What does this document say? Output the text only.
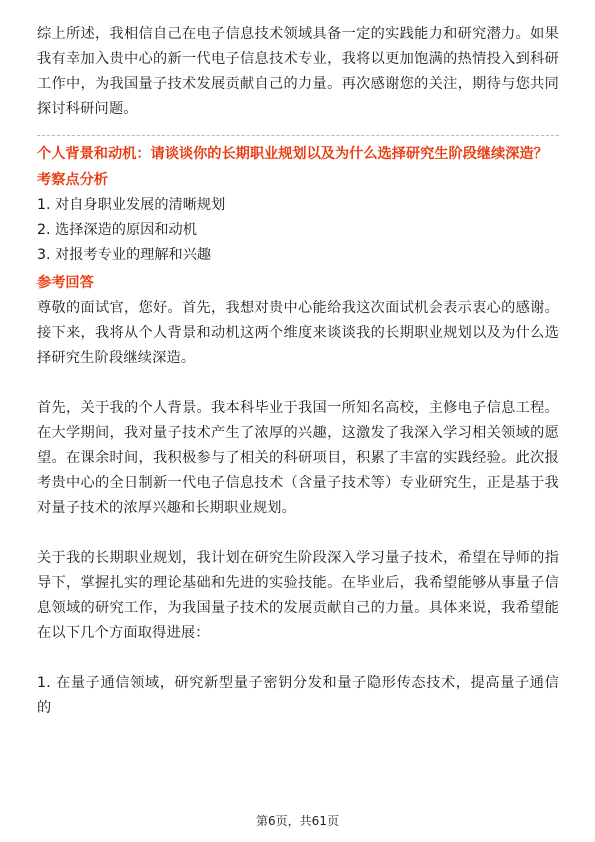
综上所述，我相信自己在电子信息技术领域具备一定的实践能力和研究潜力。如果我有幸加入贵中心的新一代电子信息技术专业，我将以更加饱满的热情投入到科研工作中，为我国量子技术发展贡献自己的力量。再次感谢您的关注，期待与您共同探讨科研问题。

个人背景和动机：请谈谈你的长期职业规划以及为什么选择研究生阶段继续深造？

考察点分析

1. 对自身职业发展的清晰规划

2. 选择深造的原因和动机

3. 对报考专业的理解和兴趣

参考回答

尊敬的面试官，您好。首先，我想对贵中心能给我这次面试机会表示衷心的感谢。接下来，我将从个人背景和动机这两个维度来谈谈我的长期职业规划以及为什么选择研究生阶段继续深造。

首先，关于我的个人背景。我本科毕业于我国一所知名高校，主修电子信息工程。在大学期间，我对量子技术产生了浓厚的兴趣，这激发了我深入学习相关领域的愿望。在课余时间，我积极参与了相关的科研项目，积累了丰富的实践经验。此次报考贵中心的全日制新一代电子信息技术（含量子技术等）专业研究生，正是基于我对量子技术的浓厚兴趣和长期职业规划。

关于我的长期职业规划，我计划在研究生阶段深入学习量子技术，希望在导师的指导下，掌握扎实的理论基础和先进的实验技能。在毕业后，我希望能够从事量子信息领域的研究工作，为我国量子技术的发展贡献自己的力量。具体来说，我希望能在以下几个方面取得进展：

1. 在量子通信领域，研究新型量子密钥分发和量子隐形传态技术，提高量子通信的

第6页，共61页
